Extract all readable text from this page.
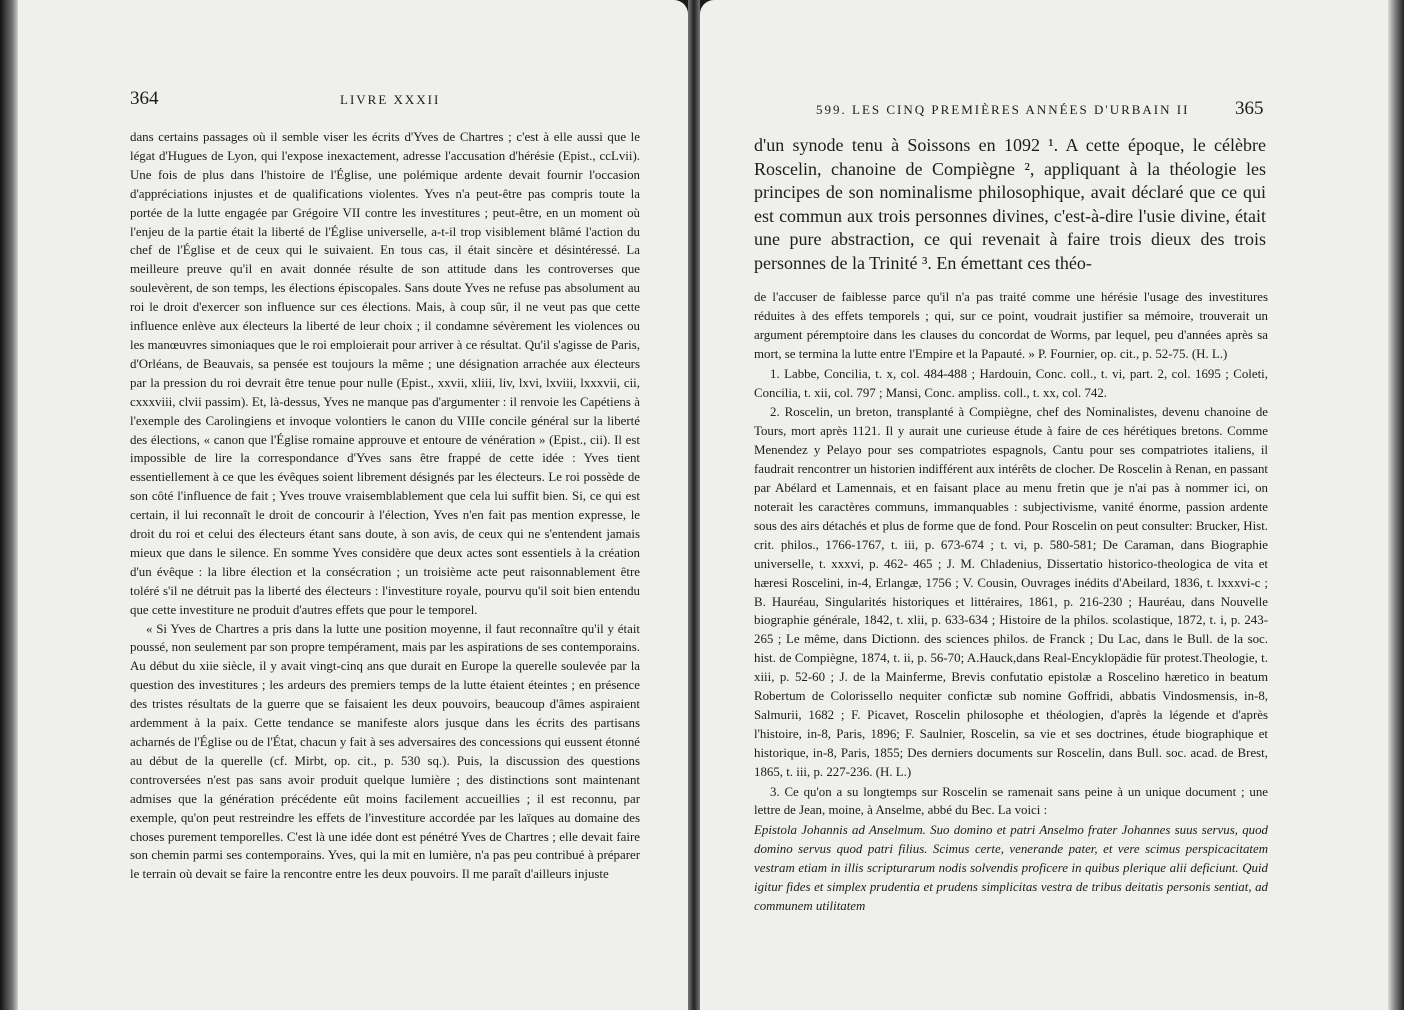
364	LIVRE XXXII

dans certains passages où il semble viser les écrits d'Yves de Chartres ; c'est à elle aussi que le légat d'Hugues de Lyon, qui l'expose inexactement, adresse l'accusation d'hérésie (Epist., ccLvii). Une fois de plus dans l'histoire de l'Église, une polémique ardente devait fournir l'occasion d'appréciations injustes et de qualifications violentes. Yves n'a peut-être pas compris toute la portée de la lutte engagée par Grégoire VII contre les investitures ; peut-être, en un moment où l'enjeu de la partie était la liberté de l'Église universelle, a-t-il trop visiblement blâmé l'action du chef de l'Église et de ceux qui le suivaient. En tous cas, il était sincère et désintéressé. La meilleure preuve qu'il en avait donnée résulte de son attitude dans les controverses que soulevèrent, de son temps, les élections épiscopales. Sans doute Yves ne refuse pas absolument au roi le droit d'exercer son influence sur ces élections. Mais, à coup sûr, il ne veut pas que cette influence enlève aux électeurs la liberté de leur choix ; il condamne sévèrement les violences ou les manœuvres simoniaques que le roi emploierait pour arriver à ce résultat. Qu'il s'agisse de Paris, d'Orléans, de Beauvais, sa pensée est toujours la même ; une désignation arrachée aux électeurs par la pression du roi devrait être tenue pour nulle (Epist., xxvii, xliii, liv, lxvi, lxviii, lxxxvii, cii, cxxxviii, clvii passim). Et, là-dessus, Yves ne manque pas d'argumenter : il renvoie les Capétiens à l'exemple des Carolingiens et invoque volontiers le canon du VIIIe concile général sur la liberté des élections, « canon que l'Église romaine approuve et entoure de vénération » (Epist., cii). Il est impossible de lire la correspondance d'Yves sans être frappé de cette idée : Yves tient essentiellement à ce que les évêques soient librement désignés par les électeurs. Le roi possède de son côté l'influence de fait ; Yves trouve vraisemblablement que cela lui suffit bien. Si, ce qui est certain, il lui reconnaît le droit de concourir à l'élection, Yves n'en fait pas mention expresse, le droit du roi et celui des électeurs étant sans doute, à son avis, de ceux qui ne s'entendent jamais mieux que dans le silence. En somme Yves considère que deux actes sont essentiels à la création d'un évêque : la libre élection et la consécration ; un troisième acte peut raisonnablement être toléré s'il ne détruit pas la liberté des électeurs : l'investiture royale, pourvu qu'il soit bien entendu que cette investiture ne produit d'autres effets que pour le temporel.

« Si Yves de Chartres a pris dans la lutte une position moyenne, il faut reconnaître qu'il y était poussé, non seulement par son propre tempérament, mais par les aspirations de ses contemporains. Au début du xiie siècle, il y avait vingt-cinq ans que durait en Europe la querelle soulevée par la question des investitures ; les ardeurs des premiers temps de la lutte étaient éteintes ; en présence des tristes résultats de la guerre que se faisaient les deux pouvoirs, beaucoup d'âmes aspiraient ardemment à la paix. Cette tendance se manifeste alors jusque dans les écrits des partisans acharnés de l'Église ou de l'État, chacun y fait à ses adversaires des concessions qui eussent étonné au début de la querelle (cf. Mirbt, op. cit., p. 530 sq.). Puis, la discussion des questions controversées n'est pas sans avoir produit quelque lumière ; des distinctions sont maintenant admises que la génération précédente eût moins facilement accueillies ; il est reconnu, par exemple, qu'on peut restreindre les effets de l'investiture accordée par les laïques au domaine des choses purement temporelles. C'est là une idée dont est pénétré Yves de Chartres ; elle devait faire son chemin parmi ses contemporains. Yves, qui la mit en lumière, n'a pas peu contribué à préparer le terrain où devait se faire la rencontre entre les deux pouvoirs. Il me paraît d'ailleurs injuste

599. LES CINQ PREMIÈRES ANNÉES D'URBAIN II 365
d'un synode tenu à Soissons en 1092 ¹. A cette époque, le célèbre Roscelin, chanoine de Compiègne ², appliquant à la théologie les principes de son nominalisme philosophique, avait déclaré que ce qui est commun aux trois personnes divines, c'est-à-dire l'usie divine, était une pure abstraction, ce qui revenait à faire trois dieux des trois personnes de la Trinité ³. En émettant ces théo-

de l'accuser de faiblesse parce qu'il n'a pas traité comme une hérésie l'usage des investitures réduites à des effets temporels ; qui, sur ce point, voudrait justifier sa mémoire, trouverait un argument péremptoire dans les clauses du concordat de Worms, par lequel, peu d'années après sa mort, se termina la lutte entre l'Empire et la Papauté. » P. Fournier, op. cit., p. 52-75. (H. L.)

1. Labbe, Concilia, t. x, col. 484-488 ; Hardouin, Conc. coll., t. vi, part. 2, col. 1695 ; Coleti, Concilia, t. xii, col. 797 ; Mansi, Conc. ampliss. coll., t. xx, col. 742.

2. Roscelin, un breton, transplanté à Compiègne, chef des Nominalistes, devenu chanoine de Tours, mort après 1121. Il y aurait une curieuse étude à faire de ces hérétiques bretons. Comme Menendez y Pelayo pour ses compatriotes espagnols, Cantu pour ses compatriotes italiens, il faudrait rencontrer un historien indifférent aux intérêts de clocher. De Roscelin à Renan, en passant par Abélard et Lamennais, et en faisant place au menu fretin que je n'ai pas à nommer ici, on noterait les caractères communs, immanquables : subjectivisme, vanité énorme, passion ardente sous des airs détachés et plus de forme que de fond. Pour Roscelin on peut consulter: Brucker, Hist. crit. philos., 1766-1767, t. iii, p. 673-674 ; t. vi, p. 580-581; De Caraman, dans Biographie universelle, t. xxxvi, p. 462- 465 ; J. M. Chladenius, Dissertatio historico-theologica de vita et hæresi Roscelini, in-4, Erlangæ, 1756 ; V. Cousin, Ouvrages inédits d'Abeilard, 1836, t. lxxxvi-c ; B. Hauréau, Singularités historiques et littéraires, 1861, p. 216-230 ; Hauréau, dans Nouvelle biographie générale, 1842, t. xlii, p. 633-634 ; Histoire de la philos. scolastique, 1872, t. i, p. 243-265 ; Le même, dans Dictionn. des sciences philos. de Franck ; Du Lac, dans le Bull. de la soc. hist. de Compiègne, 1874, t. ii, p. 56-70; A.Hauck,dans Real-Encyklopädie für protest.Theologie, t. xiii, p. 52-60 ; J. de la Mainferme, Brevis confutatio epistolæ a Roscelino hæretico in beatum Robertum de Colorissello nequiter confictæ sub nomine Goffridi, abbatis Vindosmensis, in-8, Salmurii, 1682 ; F. Picavet, Roscelin philosophe et théologien, d'après la légende et d'après l'histoire, in-8, Paris, 1896; F. Saulnier, Roscelin, sa vie et ses doctrines, étude biographique et historique, in-8, Paris, 1855; Des derniers documents sur Roscelin, dans Bull. soc. acad. de Brest, 1865, t. iii, p. 227-236. (H. L.)

3. Ce qu'on a su longtemps sur Roscelin se ramenait sans peine à un unique document ; une lettre de Jean, moine, à Anselme, abbé du Bec. La voici :

Epistola Johannis ad Anselmum. Suo domino et patri Anselmo frater Johannes suus servus, quod domino servus quod patri filius. Scimus certe, venerande pater, et vere scimus perspicacitatem vestram etiam in illis scripturarum nodis solvendis proficere in quibus plerique alii deficiunt. Quid igitur fides et simplex prudentia et prudens simplicitas vestra de tribus deitatis personis sentiat, ad communem utilitatem
